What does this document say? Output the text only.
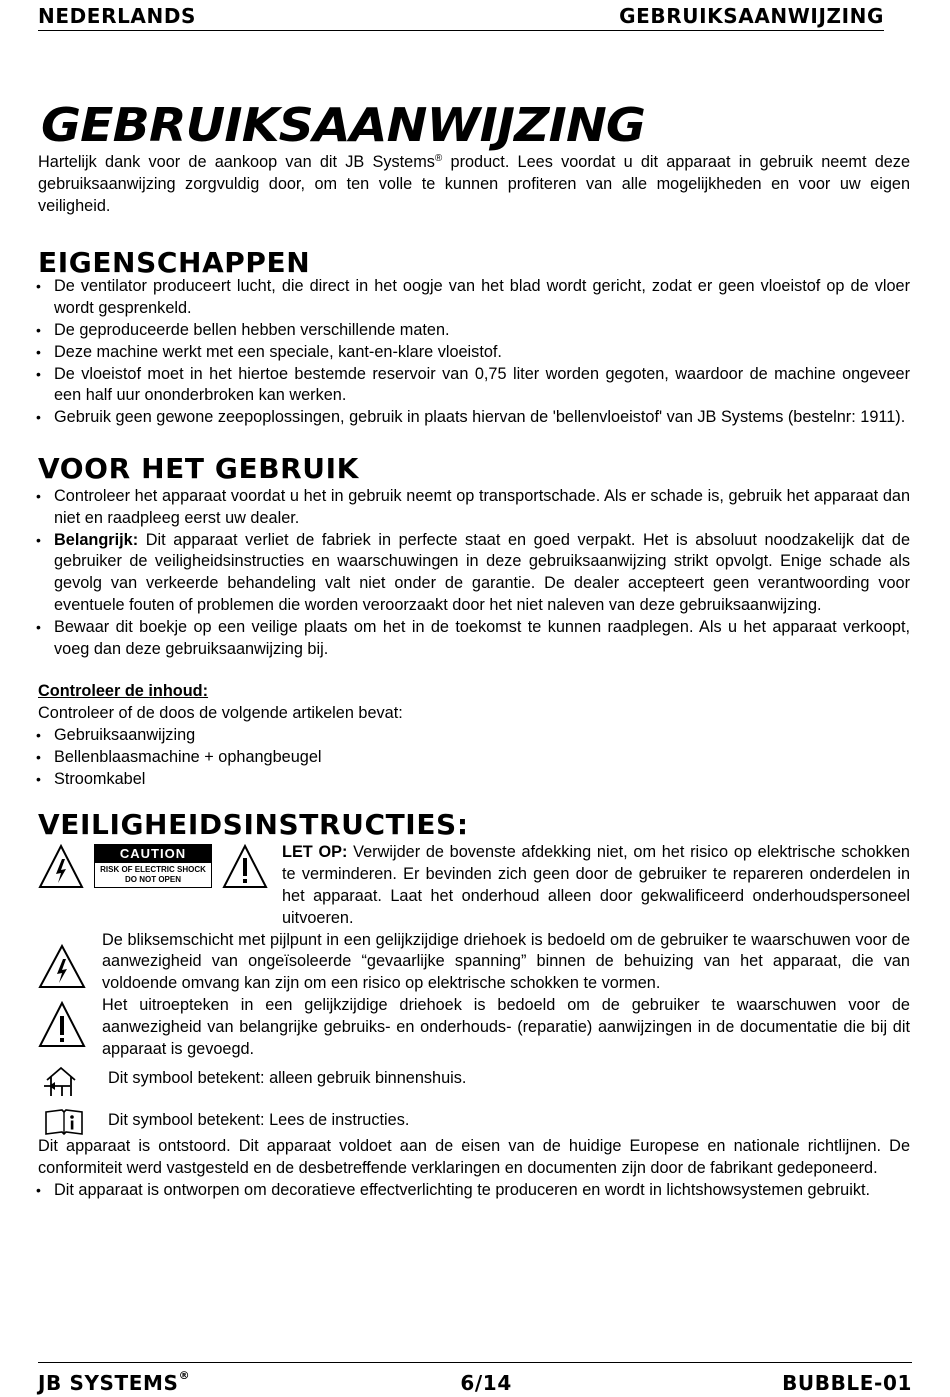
NEDERLANDS	GEBRUIKSAANWIJZING
GEBRUIKSAANWIJZING

Hartelijk dank voor de aankoop van dit JB Systems® product. Lees voordat u dit apparaat in gebruik neemt deze gebruiksaanwijzing zorgvuldig door, om ten volle te kunnen profiteren van alle mogelijkheden en voor uw eigen veiligheid.

EIGENSCHAPPEN
• De ventilator produceert lucht, die direct in het oogje van het blad wordt gericht, zodat er geen vloeistof op de vloer wordt gesprenkeld.
• De geproduceerde bellen hebben verschillende maten.
• Deze machine werkt met een speciale, kant-en-klare vloeistof.
• De vloeistof moet in het hiertoe bestemde reservoir van 0,75 liter worden gegoten, waardoor de machine ongeveer een half uur ononderbroken kan werken.
• Gebruik geen gewone zeepoplossingen, gebruik in plaats hiervan de 'bellenvloeistof' van JB Systems (bestelnr: 1911).
VOOR HET GEBRUIK
• Controleer het apparaat voordat u het in gebruik neemt op transportschade. Als er schade is, gebruik het apparaat dan niet en raadpleeg eerst uw dealer.
• Belangrijk: Dit apparaat verliet de fabriek in perfecte staat en goed verpakt. Het is absoluut noodzakelijk dat de gebruiker de veiligheidsinstructies en waarschuwingen in deze gebruiksaanwijzing strikt opvolgt. Enige schade als gevolg van verkeerde behandeling valt niet onder de garantie. De dealer accepteert geen verantwoording voor eventuele fouten of problemen die worden veroorzaakt door het niet naleven van deze gebruiksaanwijzing.
• Bewaar dit boekje op een veilige plaats om het in de toekomst te kunnen raadplegen. Als u het apparaat verkoopt, voeg dan deze gebruiksaanwijzing bij.

Controleer de inhoud:

Controleer of de doos de volgende artikelen bevat:

• Gebruiksaanwijzing
• Bellenblaasmachine + ophangbeugel
• Stroomkabel
VEILIGHEIDSINSTRUCTIES:
CAUTION
RISK OF ELECTRIC SHOCK
DO NOT OPEN

LET OP: Verwijder de bovenste afdekking niet, om het risico op elektrische schokken te verminderen. Er bevinden zich geen door de gebruiker te repareren onderdelen in het apparaat. Laat het onderhoud alleen door gekwalificeerd onderhoudspersoneel uitvoeren.

De bliksemschicht met pijlpunt in een gelijkzijdige driehoek is bedoeld om de gebruiker te waarschuwen voor de aanwezigheid van ongeïsoleerde “gevaarlijke spanning” binnen de behuizing van het apparaat, die van voldoende omvang kan zijn om een risico op elektrische schokken te vormen.

Het uitroepteken in een gelijkzijdige driehoek is bedoeld om de gebruiker te waarschuwen voor de aanwezigheid van belangrijke gebruiks- en onderhouds- (reparatie) aanwijzingen in de documentatie die bij dit apparaat is gevoegd.

Dit symbool betekent: alleen gebruik binnenshuis.

Dit symbool betekent: Lees de instructies.

Dit apparaat is ontstoord. Dit apparaat voldoet aan de eisen van de huidige Europese en nationale richtlijnen. De conformiteit werd vastgesteld en de desbetreffende verklaringen en documenten zijn door de fabrikant gedeponeerd.

• Dit apparaat is ontworpen om decoratieve effectverlichting te produceren en wordt in lichtshowsystemen gebruikt.
JB SYSTEMS®	6/14	BUBBLE-01
